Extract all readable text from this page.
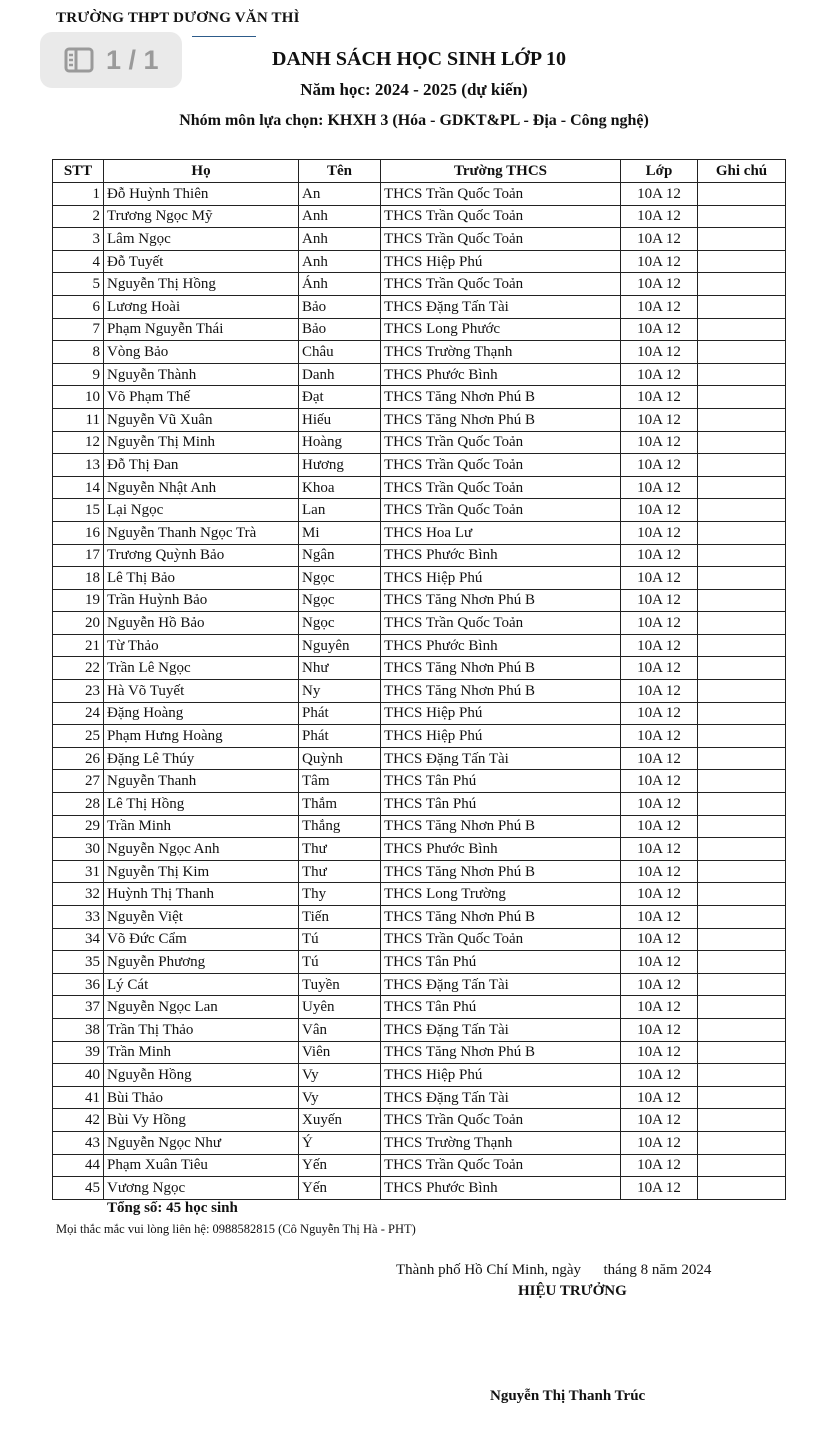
TRƯỜNG THPT DƯƠNG VĂN THÌ
DANH SÁCH HỌC SINH LỚP 10
Năm học: 2024 - 2025 (dự kiến)
Nhóm môn lựa chọn: KHXH 3 (Hóa - GDKT&PL - Địa - Công nghệ)
1 / 1
STT	Họ	Tên	Trường THCS	Lớp	Ghi chú
1	Đỗ Huỳnh Thiên	An	THCS Trần Quốc Toản	10A 12	
2	Trương Ngọc Mỹ	Anh	THCS Trần Quốc Toản	10A 12	
3	Lâm Ngọc	Anh	THCS Trần Quốc Toản	10A 12	
4	Đỗ Tuyết	Anh	THCS Hiệp Phú	10A 12	
5	Nguyễn Thị Hồng	Ánh	THCS Trần Quốc Toản	10A 12	
6	Lương Hoài	Bảo	THCS Đặng Tấn Tài	10A 12	
7	Phạm Nguyễn Thái	Bảo	THCS Long Phước	10A 12	
8	Vòng Bảo	Châu	THCS Trường Thạnh	10A 12	
9	Nguyễn Thành	Danh	THCS Phước Bình	10A 12	
10	Võ Phạm Thế	Đạt	THCS Tăng Nhơn Phú B	10A 12	
11	Nguyễn Vũ Xuân	Hiếu	THCS Tăng Nhơn Phú B	10A 12	
12	Nguyễn Thị Minh	Hoàng	THCS Trần Quốc Toản	10A 12	
13	Đỗ Thị Đan	Hương	THCS Trần Quốc Toản	10A 12	
14	Nguyễn Nhật Anh	Khoa	THCS Trần Quốc Toản	10A 12	
15	Lại Ngọc	Lan	THCS Trần Quốc Toản	10A 12	
16	Nguyễn Thanh Ngọc Trà	Mi	THCS Hoa Lư	10A 12	
17	Trương Quỳnh Bảo	Ngân	THCS Phước Bình	10A 12	
18	Lê Thị Bảo	Ngọc	THCS Hiệp Phú	10A 12	
19	Trần Huỳnh Bảo	Ngọc	THCS Tăng Nhơn Phú B	10A 12	
20	Nguyễn Hồ Bảo	Ngọc	THCS Trần Quốc Toản	10A 12	
21	Từ Thảo	Nguyên	THCS Phước Bình	10A 12	
22	Trần Lê Ngọc	Như	THCS Tăng Nhơn Phú B	10A 12	
23	Hà Võ Tuyết	Ny	THCS Tăng Nhơn Phú B	10A 12	
24	Đặng Hoàng	Phát	THCS Hiệp Phú	10A 12	
25	Phạm Hưng Hoàng	Phát	THCS Hiệp Phú	10A 12	
26	Đặng Lê Thúy	Quỳnh	THCS Đặng Tấn Tài	10A 12	
27	Nguyễn Thanh	Tâm	THCS Tân Phú	10A 12	
28	Lê Thị Hồng	Thắm	THCS Tân Phú	10A 12	
29	Trần Minh	Thắng	THCS Tăng Nhơn Phú B	10A 12	
30	Nguyễn Ngọc Anh	Thư	THCS Phước Bình	10A 12	
31	Nguyễn Thị Kim	Thư	THCS Tăng Nhơn Phú B	10A 12	
32	Huỳnh Thị Thanh	Thy	THCS Long Trường	10A 12	
33	Nguyễn Việt	Tiến	THCS Tăng Nhơn Phú B	10A 12	
34	Võ Đức Cẩm	Tú	THCS Trần Quốc Toản	10A 12	
35	Nguyễn Phương	Tú	THCS Tân Phú	10A 12	
36	Lý Cát	Tuyền	THCS Đặng Tấn Tài	10A 12	
37	Nguyễn Ngọc Lan	Uyên	THCS Tân Phú	10A 12	
38	Trần Thị Thảo	Vân	THCS Đặng Tấn Tài	10A 12	
39	Trần Minh	Viên	THCS Tăng Nhơn Phú B	10A 12	
40	Nguyễn Hồng	Vy	THCS Hiệp Phú	10A 12	
41	Bùi Thảo	Vy	THCS Đặng Tấn Tài	10A 12	
42	Bùi Vy Hồng	Xuyến	THCS Trần Quốc Toản	10A 12	
43	Nguyễn Ngọc Như	Ý	THCS Trường Thạnh	10A 12	
44	Phạm Xuân Tiêu	Yến	THCS Trần Quốc Toản	10A 12	
45	Vương Ngọc	Yến	THCS Phước Bình	10A 12	
Tổng số: 45 học sinh
Mọi thắc mắc vui lòng liên hệ: 0988582815 (Cô Nguyễn Thị Hà - PHT)
Thành phố Hồ Chí Minh, ngày      tháng 8 năm 2024
HIỆU TRƯỞNG
Nguyễn Thị Thanh Trúc
